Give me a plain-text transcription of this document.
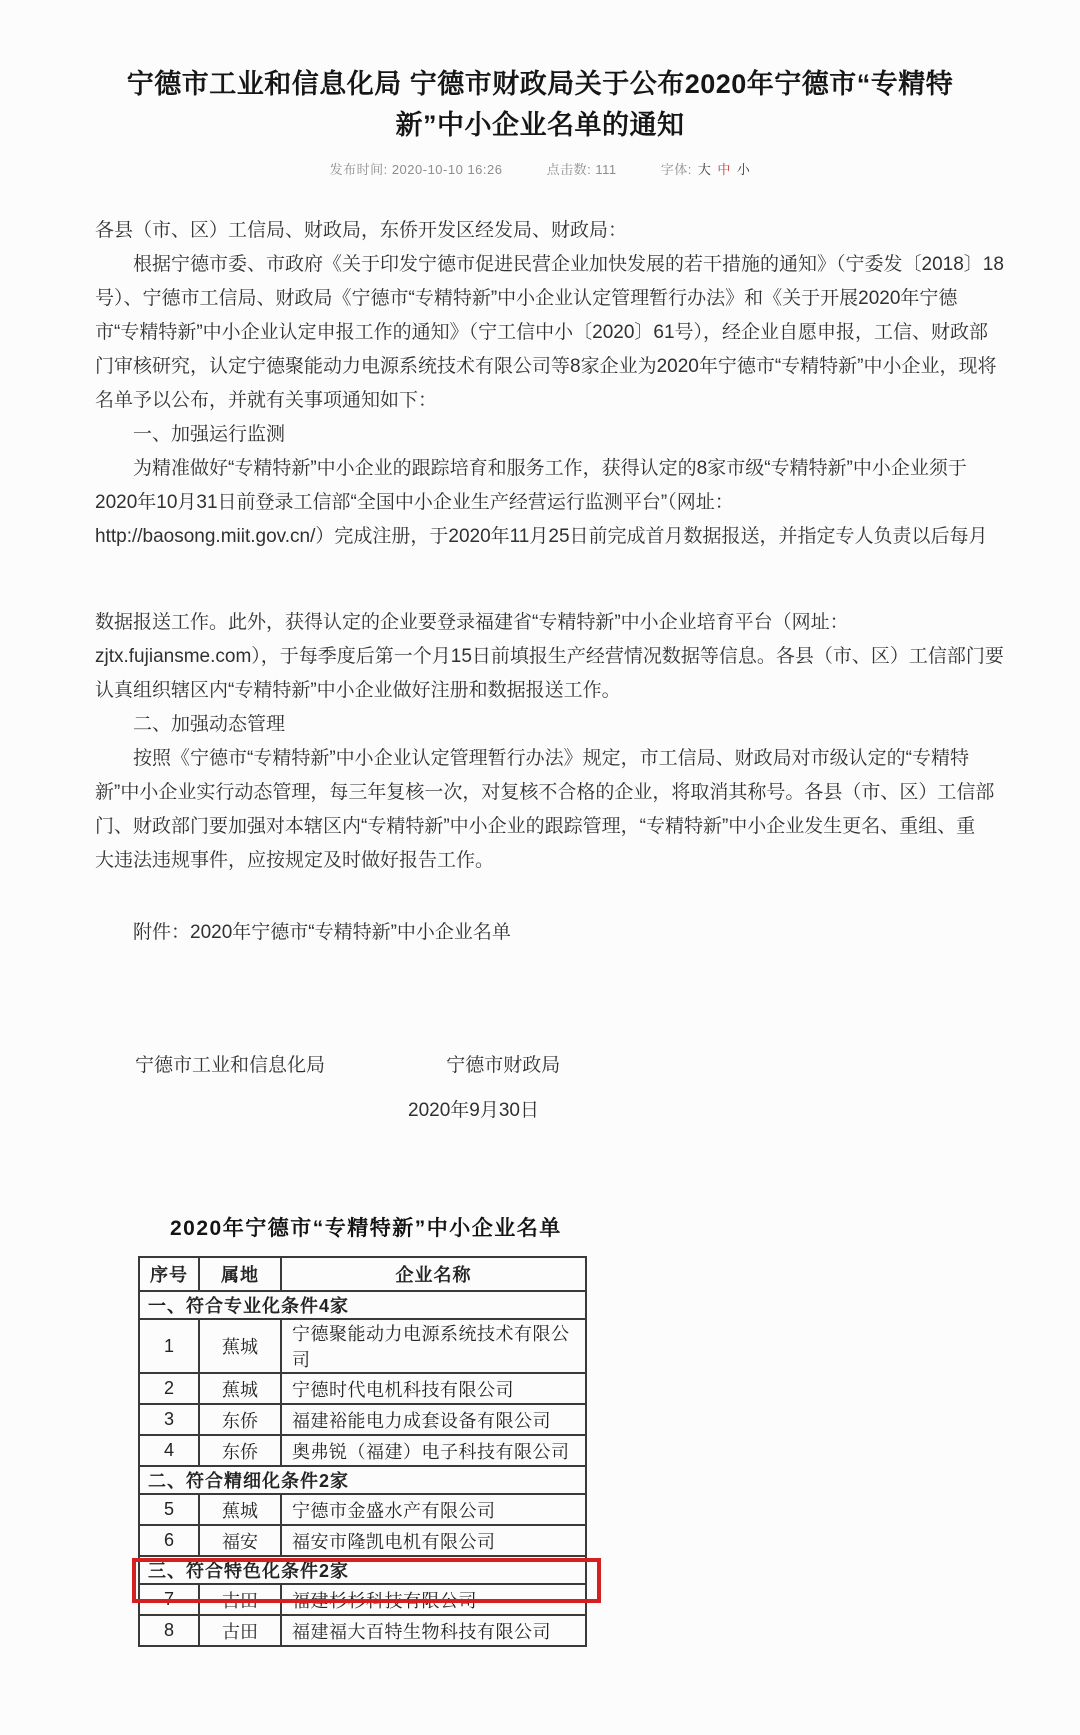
宁德市工业和信息化局 宁德市财政局关于公布2020年宁德市“专精特新”中小企业名单的通知
发布时间: 2020-10-10 16:26	点击数: 111	字体: 大 中 小
各县（市、区）工信局、财政局，东侨开发区经发局、财政局：
根据宁德市委、市政府《关于印发宁德市促进民营企业加快发展的若干措施的通知》（宁委发〔2018〕18
号）、宁德市工信局、财政局《宁德市“专精特新”中小企业认定管理暂行办法》和《关于开展2020年宁德
市“专精特新”中小企业认定申报工作的通知》（宁工信中小〔2020〕61号），经企业自愿申报，工信、财政部
门审核研究，认定宁德聚能动力电源系统技术有限公司等8家企业为2020年宁德市“专精特新”中小企业，现将
名单予以公布，并就有关事项通知如下：
一、加强运行监测
为精准做好“专精特新”中小企业的跟踪培育和服务工作，获得认定的8家市级“专精特新”中小企业须于
2020年10月31日前登录工信部“全国中小企业生产经营运行监测平台”（网址：
http://baosong.miit.gov.cn/）完成注册，于2020年11月25日前完成首月数据报送，并指定专人负责以后每月
数据报送工作。此外，获得认定的企业要登录福建省“专精特新”中小企业培育平台（网址：
zjtx.fujiansme.com），于每季度后第一个月15日前填报生产经营情况数据等信息。各县（市、区）工信部门要
认真组织辖区内“专精特新”中小企业做好注册和数据报送工作。
二、加强动态管理
按照《宁德市“专精特新”中小企业认定管理暂行办法》规定，市工信局、财政局对市级认定的“专精特
新”中小企业实行动态管理，每三年复核一次，对复核不合格的企业，将取消其称号。各县（市、区）工信部
门、财政部门要加强对本辖区内“专精特新”中小企业的跟踪管理，“专精特新”中小企业发生更名、重组、重
大违法违规事件，应按规定及时做好报告工作。
附件：2020年宁德市“专精特新”中小企业名单
宁德市工业和信息化局	宁德市财政局
2020年9月30日
2020年宁德市“专精特新”中小企业名单
序号	属地	企业名称
一、符合专业化条件4家		
1	蕉城	宁德聚能动力电源系统技术有限公司
2	蕉城	宁德时代电机科技有限公司
3	东侨	福建裕能电力成套设备有限公司
4	东侨	奥弗锐（福建）电子科技有限公司
二、符合精细化条件2家		
5	蕉城	宁德市金盛水产有限公司
6	福安	福安市隆凯电机有限公司
三、符合特色化条件2家		
7	古田	福建杉杉科技有限公司
8	古田	福建福大百特生物科技有限公司
